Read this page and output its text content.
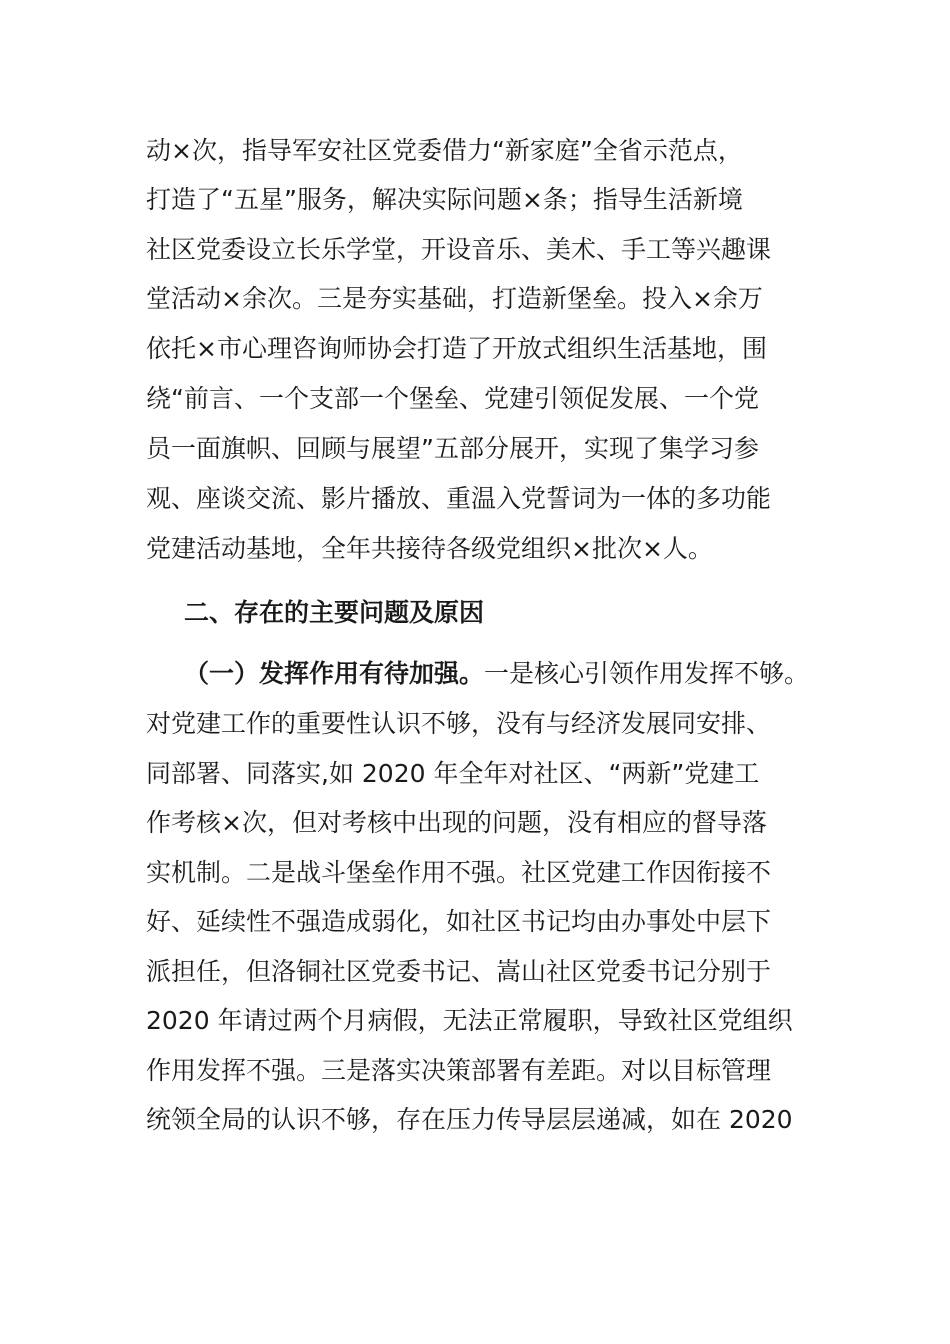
动×次，指导军安社区党委借力“新家庭”全省示范点，
打造了“五星”服务，解决实际问题×条；指导生活新境
社区党委设立长乐学堂，开设音乐、美术、手工等兴趣课
堂活动×余次。三是夯实基础，打造新堡垒。投入×余万
依托×市心理咨询师协会打造了开放式组织生活基地，围
绕“前言、一个支部一个堡垒、党建引领促发展、一个党
员一面旗帜、回顾与展望”五部分展开，实现了集学习参
观、座谈交流、影片播放、重温入党誓词为一体的多功能
党建活动基地，全年共接待各级党组织×批次×人。
二、存在的主要问题及原因
（一）发挥作用有待加强。一是核心引领作用发挥不够。
对党建工作的重要性认识不够，没有与经济发展同安排、
同部署、同落实,如 2020 年全年对社区、“两新”党建工
作考核×次，但对考核中出现的问题，没有相应的督导落
实机制。二是战斗堡垒作用不强。社区党建工作因衔接不
好、延续性不强造成弱化，如社区书记均由办事处中层下
派担任，但洛铜社区党委书记、嵩山社区党委书记分别于
2020 年请过两个月病假，无法正常履职，导致社区党组织
作用发挥不强。三是落实决策部署有差距。对以目标管理
统领全局的认识不够，存在压力传导层层递减，如在 2020
